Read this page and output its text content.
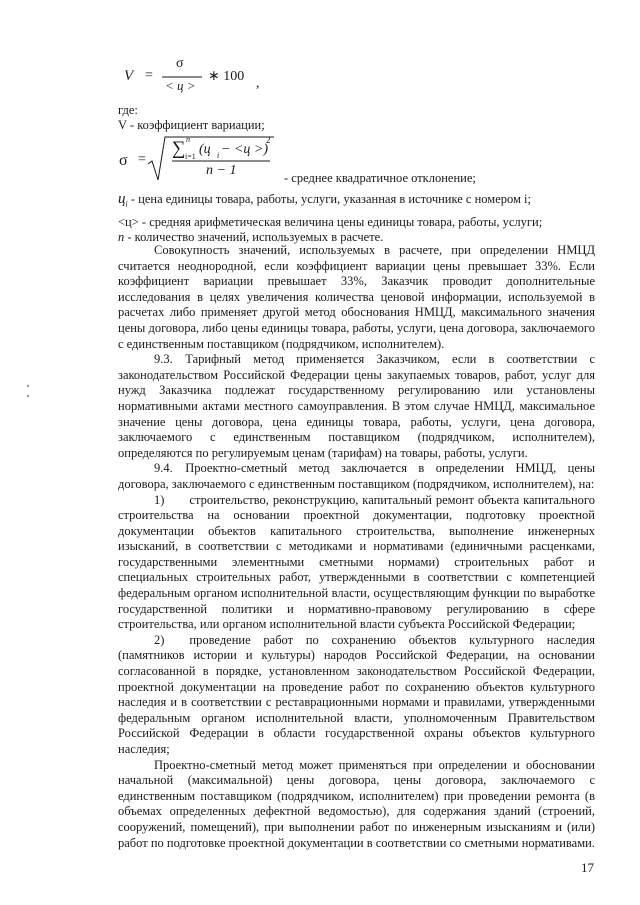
V =
σ
< ц >
∗ 100 ,
где:
V - коэффициент вариации;
σ =
∑ n
i=1 (ц i − <ц >)
2
n − 1	- среднее квадратичное отклонение;
$ц_i$ - цена единицы товара, работы, услуги, указанная в источнике с номером i;
<ц> - средняя арифметическая величина цены единицы товара, работы, услуги;
n - количество значений, используемых в расчете.

Совокупность значений, используемых в расчете, при определении НМЦД считается неоднородной, если коэффициент вариации цены превышает 33%. Если коэффициент вариации превышает 33%, Заказчик проводит дополнительные исследования в целях увеличения количества ценовой информации, используемой в расчетах либо применяет другой метод обоснования НМЦД, максимального значения цены договора, либо цены единицы товара, работы, услуги, цена договора, заключаемого с единственным поставщиком (подрядчиком, исполнителем).

9.3. Тарифный метод применяется Заказчиком, если в соответствии с законодательством Российской Федерации цены закупаемых товаров, работ, услуг для нужд Заказчика подлежат государственному регулированию или установлены нормативными актами местного самоуправления. В этом случае НМЦД, максимальное значение цены договора, цена единицы товара, работы, услуги, цена договора, заключаемого с единственным поставщиком (подрядчиком, исполнителем), определяются по регулируемым ценам (тарифам) на товары, работы, услуги.

9.4. Проектно-сметный метод заключается в определении НМЦД, цены договора, заключаемого с единственным поставщиком (подрядчиком, исполнителем), на:

1)  строительство, реконструкцию, капитальный ремонт объекта капитального строительства на основании проектной документации, подготовку проектной документации объектов капитального строительства, выполнение инженерных изысканий, в соответствии с методиками и нормативами (единичными расценками, государственными элементными сметными нормами) строительных работ и специальных строительных работ, утвержденными в соответствии с компетенцией федеральным органом исполнительной власти, осуществляющим функции по выработке государственной политики и нормативно-правовому регулированию в сфере строительства, или органом исполнительной власти субъекта Российской Федерации;

2)  проведение работ по сохранению объектов культурного наследия (памятников истории и культуры) народов Российской Федерации, на основании согласованной в порядке, установленном законодательством Российской Федерации, проектной документации на проведение работ по сохранению объектов культурного наследия и в соответствии с реставрационными нормами и правилами, утвержденными федеральным органом исполнительной власти, уполномоченным Правительством Российской Федерации в области государственной охраны объектов культурного наследия;

Проектно-сметный метод может применяться при определении и обосновании начальной (максимальной) цены договора, цены договора, заключаемого с единственным поставщиком (подрядчиком, исполнителем) при проведении ремонта (в объемах определенных дефектной ведомостью), для содержания зданий (строений, сооружений, помещений), при выполнении работ по инженерным изысканиям и (или) работ по подготовке проектной документации в соответствии со сметными нормативами.

17
